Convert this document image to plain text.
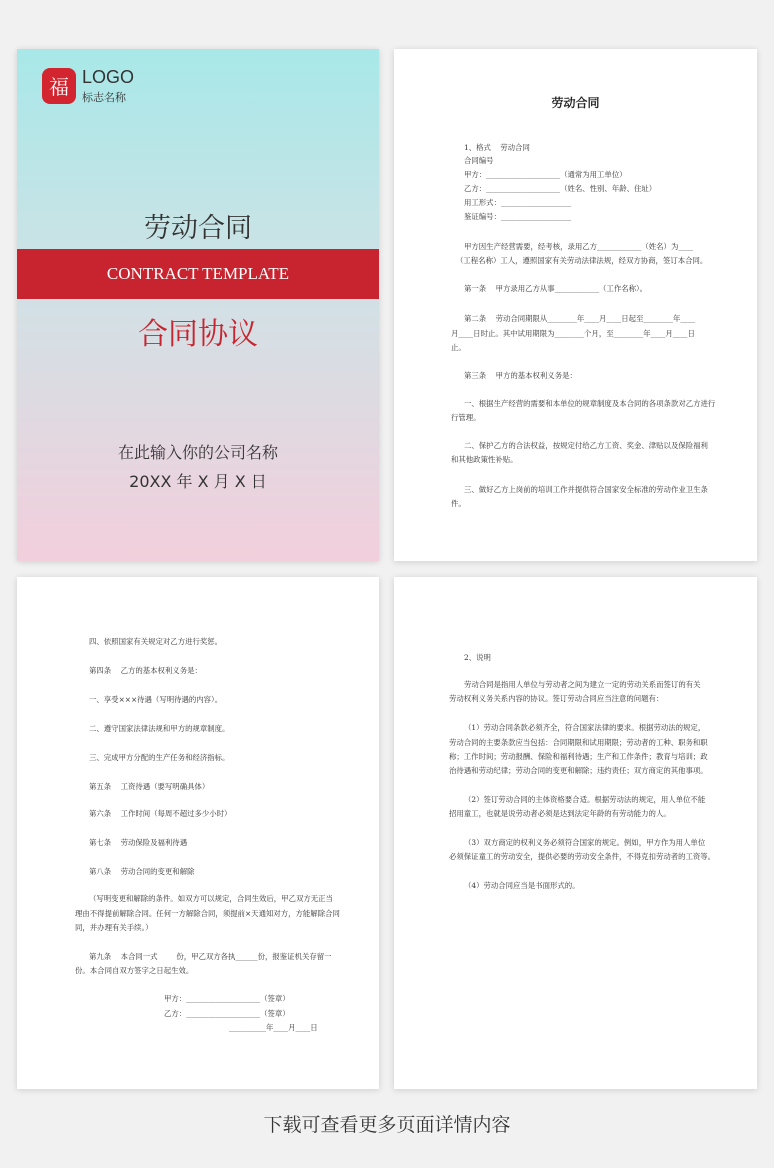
福 LOGO
标志名称
劳动合同
CONTRACT TEMPLATE
合同协议
在此输入你的公司名称
20XX 年 X 月 X 日
劳动合同
1、格式    劳动合同
合同编号
甲方：____________________（通常为用工单位）
乙方：____________________（姓名、性别、年龄、住址）
用工形式：___________________
鉴证编号：___________________
甲方因生产经营需要，经考核，录用乙方____________（姓名）为____
（工程名称）工人，遵照国家有关劳动法律法规，经双方协商，签订本合同。
第一条    甲方录用乙方从事____________（工作名称）。
第二条    劳动合同期限从________年____月____日起至________年____
月____日时止。其中试用期限为________个月，至________年____月____日
止。
第三条    甲方的基本权利义务是：
一、根据生产经营的需要和本单位的规章制度及本合同的各项条款对乙方进行
行管理。
二、保护乙方的合法权益，按规定付给乙方工资、奖金、津贴以及保险福利
和其他政策性补贴。
三、做好乙方上岗前的培训工作并提供符合国家安全标准的劳动作业卫生条
件。
四、依照国家有关规定对乙方进行奖惩。
第四条    乙方的基本权利义务是：
一、享受×××待遇（写明待遇的内容）。
二、遵守国家法律法规和甲方的规章制度。
三、完成甲方分配的生产任务和经济指标。
第五条    工资待遇（要写明确具体）
第六条    工作时间（每周不超过多少小时）
第七条    劳动保险及福利待遇
第八条    劳动合同的变更和解除
（写明变更和解除的条件。如双方可以规定，合同生效后，甲乙双方无正当
理由不得提前解除合同。任何一方解除合同，须提前×天通知对方，方能解除合同
同，并办理有关手续。）
第九条    本合同一式        份，甲乙双方各执______份，报鉴证机关存留一
份。本合同自双方签字之日起生效。
甲方：____________________（签章）
乙方：____________________（签章）
__________年____月____日
2、说明
劳动合同是指用人单位与劳动者之间为建立一定的劳动关系而签订的有关
劳动权利义务关系内容的协议。签订劳动合同应当注意的问题有：
（1）劳动合同条款必须齐全，符合国家法律的要求。根据劳动法的规定，
劳动合同的主要条款应当包括：合同期限和试用期限；劳动者的工种、职务和职
称；工作时间；劳动报酬、保险和福利待遇；生产和工作条件；教育与培训；政
治待遇和劳动纪律；劳动合同的变更和解除；违约责任；双方商定的其他事项。
（2）签订劳动合同的主体资格要合适。根据劳动法的规定，用人单位不能
招用童工，也就是说劳动者必须是达到法定年龄的有劳动能力的人。
（3）双方商定的权利义务必须符合国家的规定。例如，甲方作为用人单位
必须保证童工的劳动安全，提供必要的劳动安全条件，不得克扣劳动者的工资等。
（4）劳动合同应当是书面形式的。
下载可查看更多页面详情内容
